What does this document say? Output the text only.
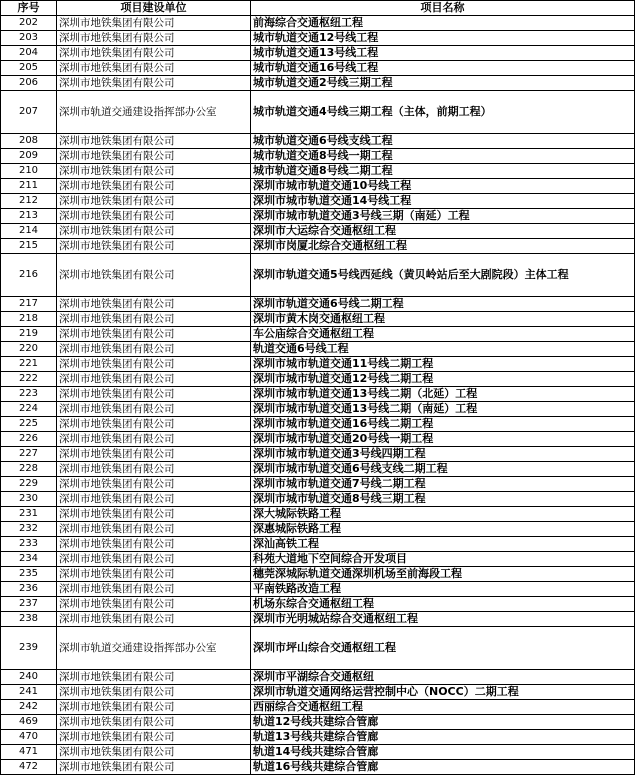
序号	项目建设单位	项目名称
202	深圳市地铁集团有限公司	前海综合交通枢纽工程
203	深圳市地铁集团有限公司	城市轨道交通12号线工程
204	深圳市地铁集团有限公司	城市轨道交通13号线工程
205	深圳市地铁集团有限公司	城市轨道交通16号线工程
206	深圳市地铁集团有限公司	城市轨道交通2号线三期工程
207	深圳市轨道交通建设指挥部办公室	城市轨道交通4号线三期工程（主体，前期工程）
208	深圳市地铁集团有限公司	城市轨道交通6号线支线工程
209	深圳市地铁集团有限公司	城市轨道交通8号线一期工程
210	深圳市地铁集团有限公司	城市轨道交通8号线二期工程
211	深圳市地铁集团有限公司	深圳市城市轨道交通10号线工程
212	深圳市地铁集团有限公司	深圳市城市轨道交通14号线工程
213	深圳市地铁集团有限公司	深圳市城市轨道交通3号线三期（南延）工程
214	深圳市地铁集团有限公司	深圳市大运综合交通枢纽工程
215	深圳市地铁集团有限公司	深圳市岗厦北综合交通枢纽工程
216	深圳市地铁集团有限公司	深圳市轨道交通5号线西延线（黄贝岭站后至大剧院段）主体工程
217	深圳市地铁集团有限公司	深圳市轨道交通6号线二期工程
218	深圳市地铁集团有限公司	深圳市黄木岗交通枢纽工程
219	深圳市地铁集团有限公司	车公庙综合交通枢纽工程
220	深圳市地铁集团有限公司	轨道交通6号线工程
221	深圳市地铁集团有限公司	深圳市城市轨道交通11号线二期工程
222	深圳市地铁集团有限公司	深圳市城市轨道交通12号线二期工程
223	深圳市地铁集团有限公司	深圳市城市轨道交通13号线二期（北延）工程
224	深圳市地铁集团有限公司	深圳市城市轨道交通13号线二期（南延）工程
225	深圳市地铁集团有限公司	深圳市城市轨道交通16号线二期工程
226	深圳市地铁集团有限公司	深圳市城市轨道交通20号线一期工程
227	深圳市地铁集团有限公司	深圳市城市轨道交通3号线四期工程
228	深圳市地铁集团有限公司	深圳市城市轨道交通6号线支线二期工程
229	深圳市地铁集团有限公司	深圳市城市轨道交通7号线二期工程
230	深圳市地铁集团有限公司	深圳市城市轨道交通8号线三期工程
231	深圳市地铁集团有限公司	深大城际铁路工程
232	深圳市地铁集团有限公司	深惠城际铁路工程
233	深圳市地铁集团有限公司	深汕高铁工程
234	深圳市地铁集团有限公司	科苑大道地下空间综合开发项目
235	深圳市地铁集团有限公司	穗莞深城际轨道交通深圳机场至前海段工程
236	深圳市地铁集团有限公司	平南铁路改造工程
237	深圳市地铁集团有限公司	机场东综合交通枢纽工程
238	深圳市地铁集团有限公司	深圳市光明城站综合交通枢纽工程
239	深圳市轨道交通建设指挥部办公室	深圳市坪山综合交通枢纽工程
240	深圳市地铁集团有限公司	深圳市平湖综合交通枢纽
241	深圳市地铁集团有限公司	深圳市轨道交通网络运营控制中心（NOCC）二期工程
242	深圳市地铁集团有限公司	西丽综合交通枢纽工程
469	深圳市地铁集团有限公司	轨道12号线共建综合管廊
470	深圳市地铁集团有限公司	轨道13号线共建综合管廊
471	深圳市地铁集团有限公司	轨道14号线共建综合管廊
472	深圳市地铁集团有限公司	轨道16号线共建综合管廊
